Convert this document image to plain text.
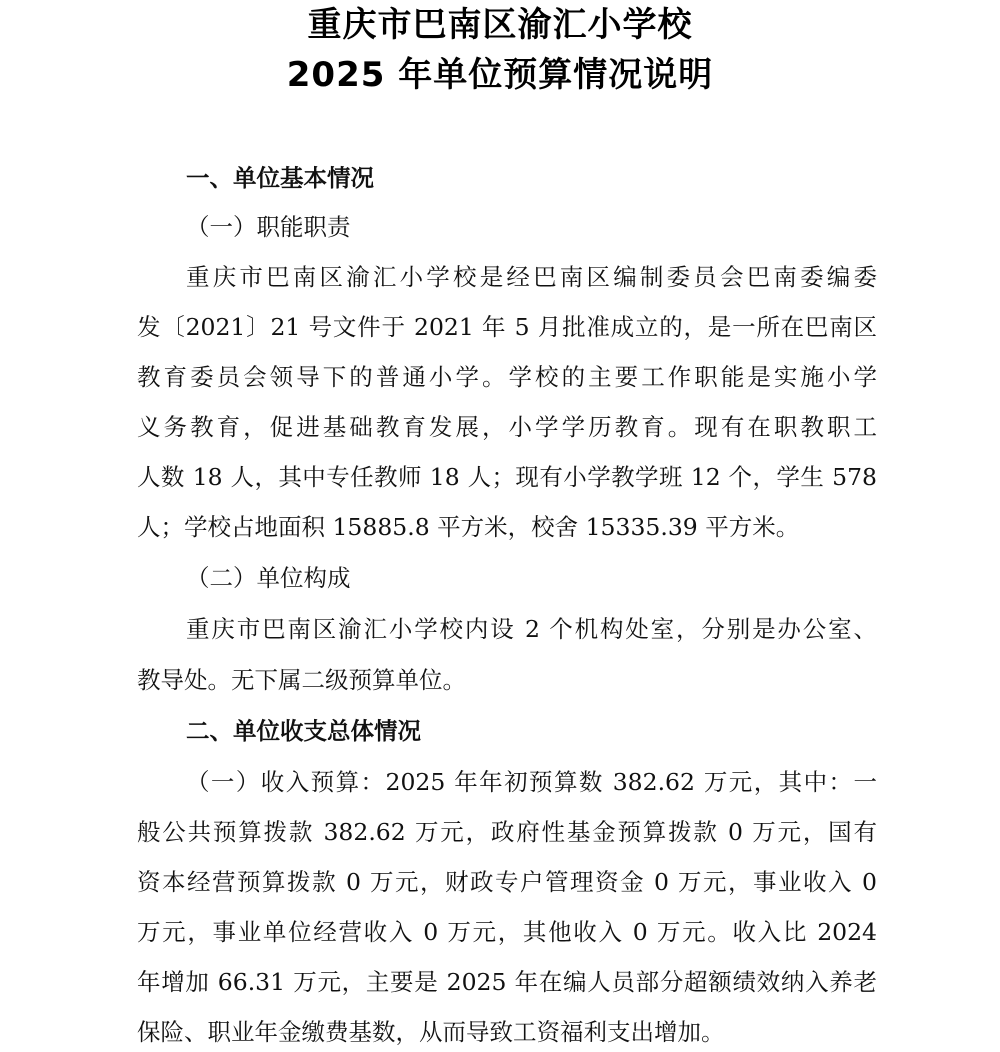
重庆市巴南区渝汇小学校
2025 年单位预算情况说明
一、单位基本情况
（一）职能职责
重庆市巴南区渝汇小学校是经巴南区编制委员会巴南委编委
发〔2021〕21 号文件于 2021 年 5 月批准成立的，是一所在巴南区
教育委员会领导下的普通小学。学校的主要工作职能是实施小学
义务教育，促进基础教育发展，小学学历教育。现有在职教职工
人数 18 人，其中专任教师 18 人；现有小学教学班 12 个，学生 578
人；学校占地面积 15885.8 平方米，校舍 15335.39 平方米。
（二）单位构成
重庆市巴南区渝汇小学校内设 2 个机构处室，分别是办公室、
教导处。无下属二级预算单位。
二、单位收支总体情况
（一）收入预算：2025 年年初预算数 382.62 万元，其中：一
般公共预算拨款 382.62 万元，政府性基金预算拨款 0 万元，国有
资本经营预算拨款 0 万元，财政专户管理资金 0 万元，事业收入 0
万元，事业单位经营收入 0 万元，其他收入 0 万元。收入比 2024
年增加 66.31 万元，主要是 2025 年在编人员部分超额绩效纳入养老
保险、职业年金缴费基数，从而导致工资福利支出增加。
